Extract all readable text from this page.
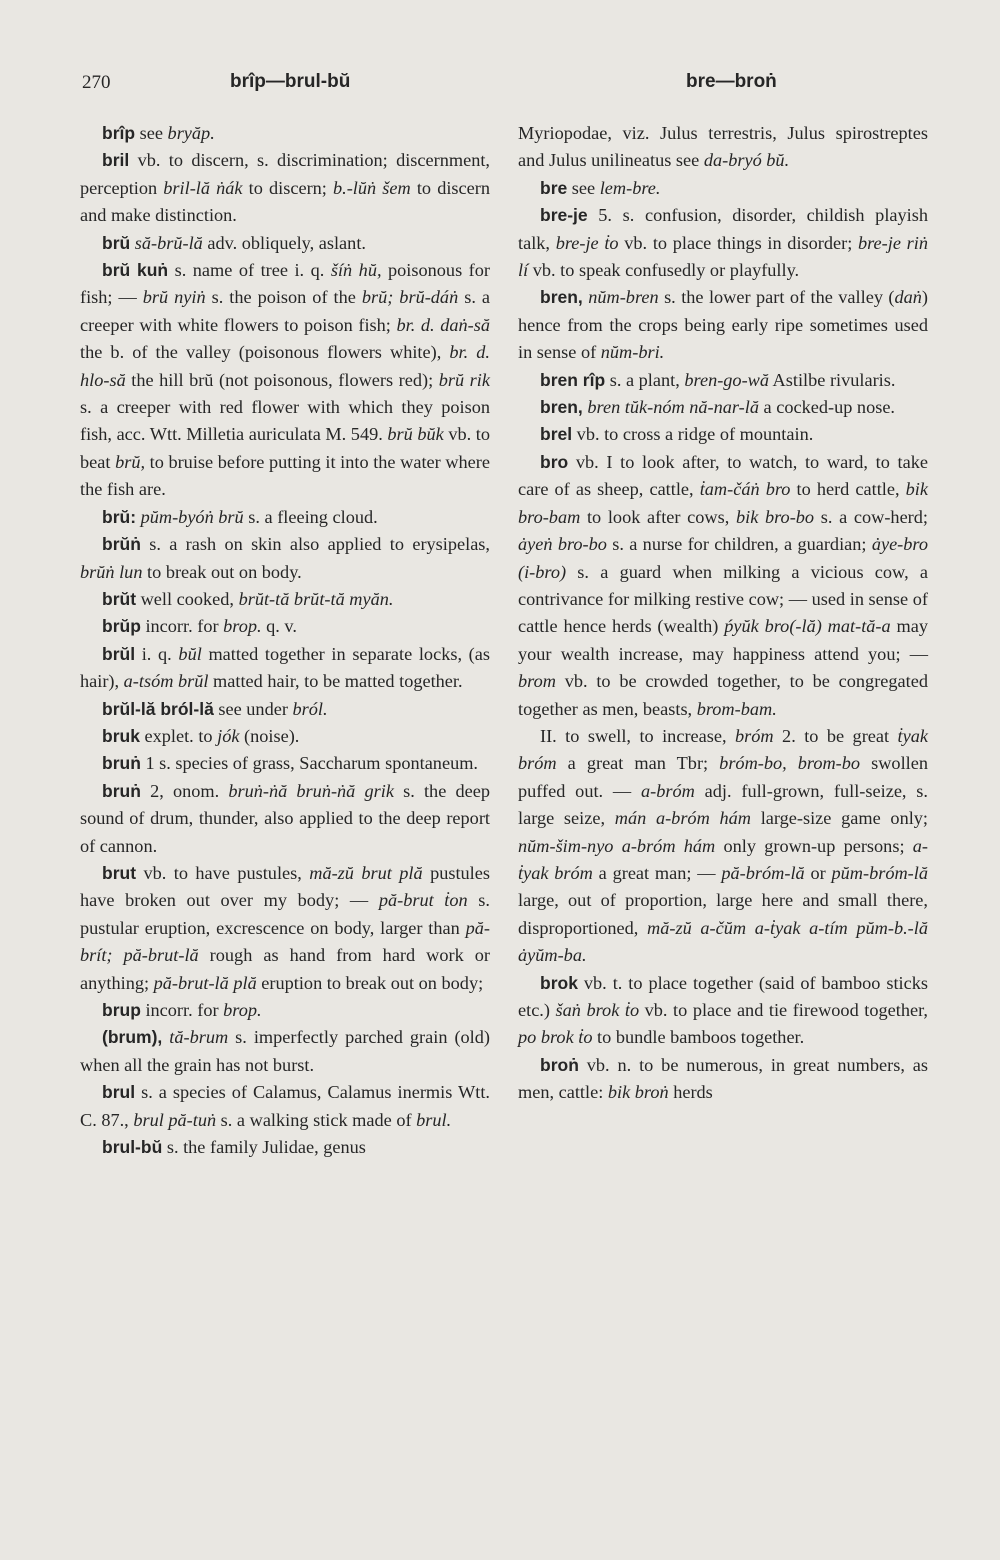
270	brîp—brul-bŭ	bre—broṅ

brîp see bryăp.

bril vb. to discern, s. discrimination; discernment, perception bril-lă ṅák to discern; b.-lŭṅ šem to discern and make distinction.

brŭ să-brŭ-lă adv. obliquely, aslant.

brŭ kuṅ s. name of tree i. q. šíṅ hŭ, poisonous for fish; — brŭ nyiṅ s. the poison of the brŭ; brŭ-dáṅ s. a creeper with white flowers to poison fish; br. d. daṅ-să the b. of the valley (poisonous flowers white), br. d. hlo-să the hill brŭ (not poisonous, flowers red); brŭ rik s. a creeper with red flower with which they poison fish, acc. Wtt. Milletia auriculata M. 549. brŭ bŭk vb. to beat brŭ, to bruise before putting it into the water where the fish are.

brŭ: pŭm-byóṅ brŭ s. a fleeing cloud.

brŭṅ s. a rash on skin also applied to erysipelas, brŭṅ lun to break out on body.

brŭt well cooked, brŭt-tă brŭt-tă myăn.

brŭp incorr. for brop. q. v.

brŭl i. q. bŭl matted together in separate locks, (as hair), a-tsóm brŭl matted hair, to be matted together.

brŭl-lă bról-lă see under bról.

bruk explet. to jók (noise).

bruṅ 1 s. species of grass, Saccharum spontaneum.

bruṅ 2, onom. bruṅ-ṅă bruṅ-ṅă grik s. the deep sound of drum, thunder, also applied to the deep report of cannon.

brut vb. to have pustules, mă-zŭ brut plă pustules have broken out over my body; — pă-brut ṫon s. pustular eruption, excrescence on body, larger than pă-brít; pă-brut-lă rough as hand from hard work or anything; pă-brut-lă plă eruption to break out on body;

brup incorr. for brop.

(brum), tă-brum s. imperfectly parched grain (old) when all the grain has not burst.

brul s. a species of Calamus, Calamus inermis Wtt. C. 87., brul pă-tuṅ s. a walking stick made of brul.

brul-bŭ s. the family Julidae, genus

Myriopodae, viz. Julus terrestris, Julus spirostreptes and Julus unilineatus see da-bryó bŭ.

bre see lem-bre.

bre-je 5. s. confusion, disorder, childish playish talk, bre-je ṫo vb. to place things in disorder; bre-je riṅ lí vb. to speak confusedly or playfully.

bren, nŭm-bren s. the lower part of the valley (daṅ) hence from the crops being early ripe sometimes used in sense of nŭm-bri.

bren rîp s. a plant, bren-go-wă Astilbe rivularis.

bren, bren tŭk-nóm nă-nar-lă a cocked-up nose.

brel vb. to cross a ridge of mountain.

bro vb. I to look after, to watch, to ward, to take care of as sheep, cattle, ṫam-čáṅ bro to herd cattle, bik bro-bam to look after cows, bik bro-bo s. a cow-herd; ȧyeṅ bro-bo s. a nurse for children, a guardian; ȧye-bro (i-bro) s. a guard when milking a vicious cow, a contrivance for milking restive cow; — used in sense of cattle hence herds (wealth) ṕyŭk bro(-lă) mat-tă-a may your wealth increase, may happiness attend you; — brom vb. to be crowded together, to be congregated together as men, beasts, brom-bam.

II. to swell, to increase, bróm 2. to be great ṫyak bróm a great man Tbr; bróm-bo, brom-bo swollen puffed out. — a-bróm adj. full-grown, full-seize, s. large seize, mán a-bróm hám large-size game only; nŭm-šim-nyo a-bróm hám only grown-up persons; a-ṫyak bróm a great man; — pă-bróm-lă or pŭm-bróm-lă large, out of proportion, large here and small there, disproportioned, mă-zŭ a-čŭm a-ṫyak a-tím pŭm-b.-lă ȧyŭm-ba.

brok vb. t. to place together (said of bamboo sticks etc.) šaṅ brok ṫo vb. to place and tie firewood together, po brok ṫo to bundle bamboos together.

broṅ vb. n. to be numerous, in great numbers, as men, cattle: bik broṅ herds
